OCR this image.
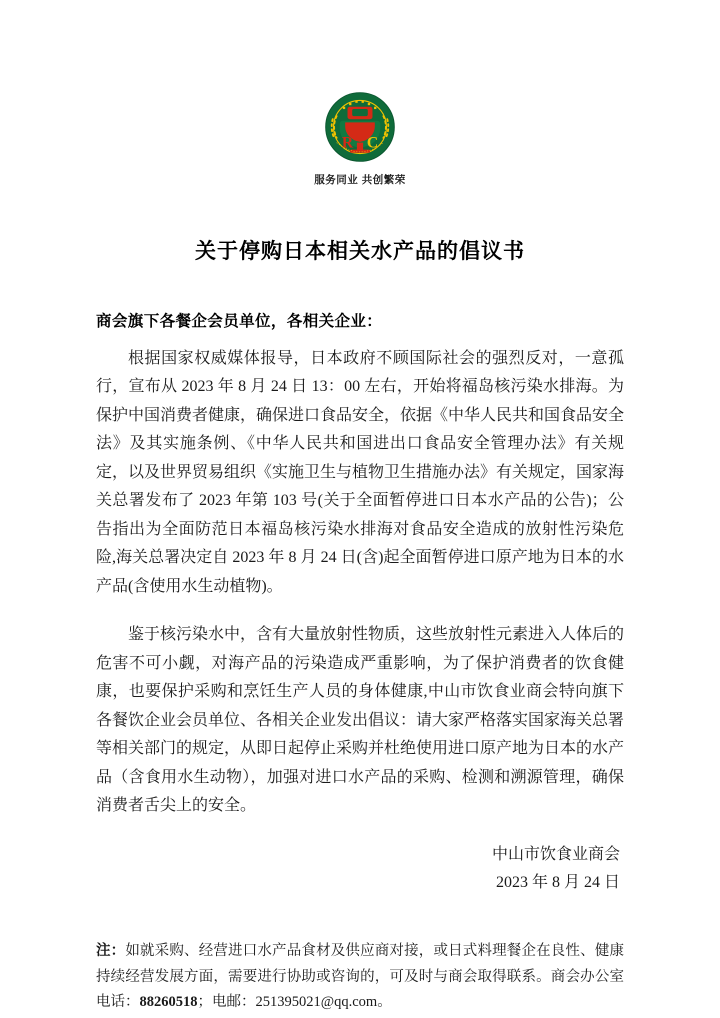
R C
服务同业 共创繁荣
关于停购日本相关水产品的倡议书
商会旗下各餐企会员单位，各相关企业：

根据国家权威媒体报导，日本政府不顾国际社会的强烈反对，一意孤行，宣布从 2023 年 8 月 24 日 13：00 左右，开始将福岛核污染水排海。为保护中国消费者健康，确保进口食品安全，依据《中华人民共和国食品安全法》及其实施条例、《中华人民共和国进出口食品安全管理办法》有关规定，以及世界贸易组织《实施卫生与植物卫生措施办法》有关规定，国家海关总署发布了 2023 年第 103 号(关于全面暂停进口日本水产品的公告)；公告指出为全面防范日本福岛核污染水排海对食品安全造成的放射性污染危险,海关总署决定自 2023 年 8 月 24 日(含)起全面暂停进口原产地为日本的水产品(含使用水生动植物)。

鉴于核污染水中，含有大量放射性物质，这些放射性元素进入人体后的危害不可小觑，对海产品的污染造成严重影响，为了保护消费者的饮食健康，也要保护采购和烹饪生产人员的身体健康,中山市饮食业商会特向旗下各餐饮企业会员单位、各相关企业发出倡议：请大家严格落实国家海关总署等相关部门的规定，从即日起停止采购并杜绝使用进口原产地为日本的水产品（含食用水生动物），加强对进口水产品的采购、检测和溯源管理，确保消费者舌尖上的安全。

中山市饮食业商会
2023 年 8 月 24 日
注：如就采购、经营进口水产品食材及供应商对接，或日式料理餐企在良性、健康持续经营发展方面，需要进行协助或咨询的，可及时与商会取得联系。商会办公室电话：88260518；电邮：251395021@qq.com。
